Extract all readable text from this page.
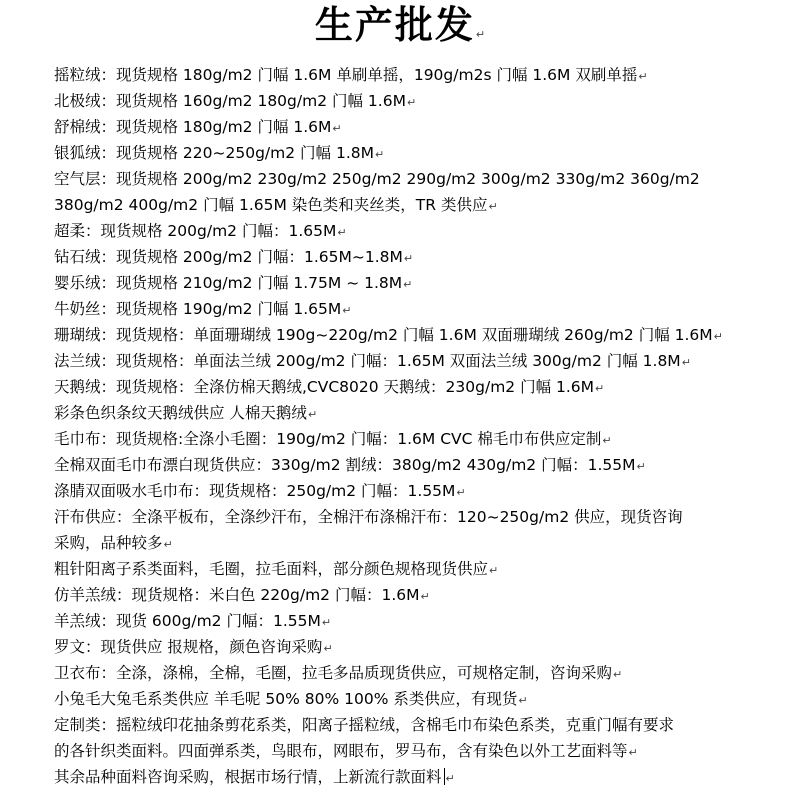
生产批发↵
摇粒绒：现货规格 180g/m2 门幅 1.6M 单刷单摇，190g/m2s 门幅 1.6M 双刷单摇↵
北极绒：现货规格 160g/m2 180g/m2 门幅 1.6M↵
舒棉绒：现货规格 180g/m2 门幅 1.6M↵
银狐绒：现货规格 220~250g/m2 门幅 1.8M↵
空气层：现货规格 200g/m2 230g/m2 250g/m2 290g/m2 300g/m2 330g/m2 360g/m2
380g/m2 400g/m2 门幅 1.65M 染色类和夹丝类，TR 类供应↵
超柔：现货规格 200g/m2 门幅：1.65M↵
钻石绒：现货规格 200g/m2 门幅：1.65M~1.8M↵
婴乐绒：现货规格 210g/m2 门幅 1.75M ~ 1.8M↵
牛奶丝：现货规格 190g/m2 门幅 1.65M↵
珊瑚绒：现货规格：单面珊瑚绒 190g~220g/m2 门幅 1.6M 双面珊瑚绒 260g/m2 门幅 1.6M↵
法兰绒：现货规格：单面法兰绒 200g/m2 门幅：1.65M 双面法兰绒 300g/m2 门幅 1.8M↵
天鹅绒：现货规格：全涤仿棉天鹅绒,CVC8020 天鹅绒：230g/m2 门幅 1.6M↵
彩条色织条纹天鹅绒供应 人棉天鹅绒↵
毛巾布：现货规格:全涤小毛圈：190g/m2 门幅：1.6M CVC 棉毛巾布供应定制↵
全棉双面毛巾布漂白现货供应：330g/m2 割绒：380g/m2 430g/m2 门幅：1.55M↵
涤腈双面吸水毛巾布：现货规格：250g/m2 门幅：1.55M↵
汗布供应：全涤平板布，全涤纱汗布，全棉汗布涤棉汗布：120~250g/m2 供应，现货咨询
采购，品种较多↵
粗针阳离子系类面料，毛圈，拉毛面料，部分颜色规格现货供应↵
仿羊羔绒：现货规格：米白色 220g/m2 门幅：1.6M↵
羊羔绒：现货 600g/m2 门幅：1.55M↵
罗文：现货供应 报规格，颜色咨询采购↵
卫衣布：全涤，涤棉，全棉，毛圈，拉毛多品质现货供应，可规格定制，咨询采购↵
小兔毛大兔毛系类供应 羊毛呢 50% 80% 100% 系类供应，有现货↵
定制类：摇粒绒印花抽条剪花系类，阳离子摇粒绒，含棉毛巾布染色系类，克重门幅有要求
的各针织类面料。四面弹系类，鸟眼布，网眼布，罗马布，含有染色以外工艺面料等↵
其余品种面料咨询采购，根据市场行情，上新流行款面料 ↵
